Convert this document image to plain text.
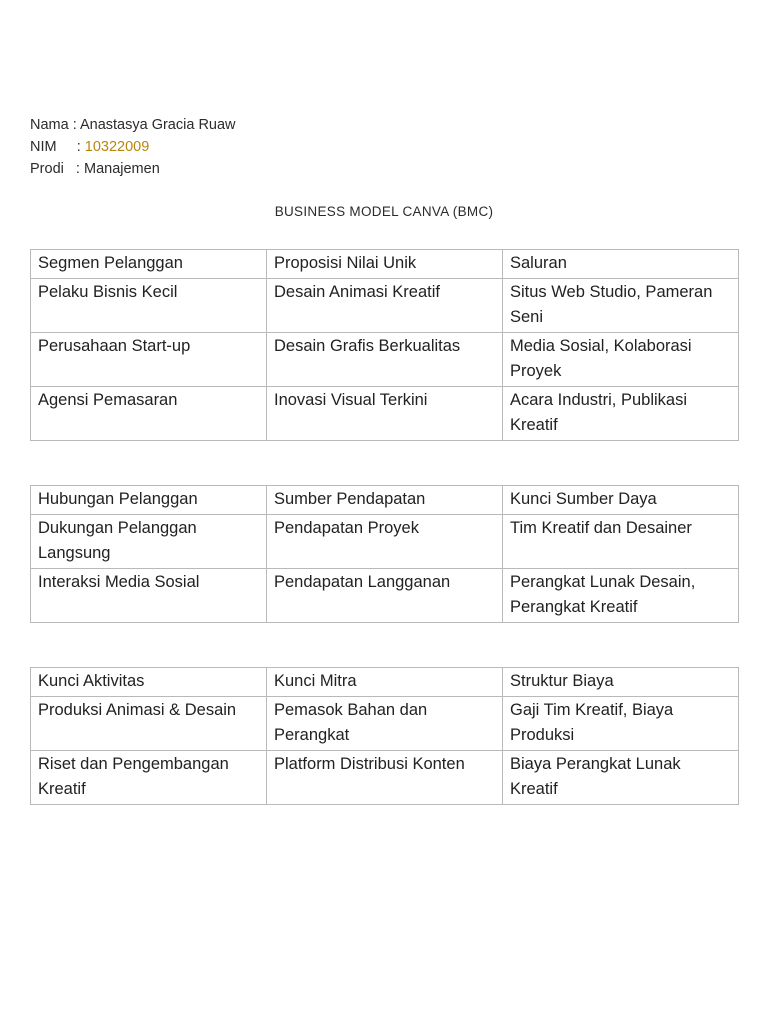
Nama : Anastasya Gracia Ruaw
NIM     : 10322009
Prodi   : Manajemen
BUSINESS MODEL CANVA (BMC)
Segmen Pelanggan	Proposisi Nilai Unik	Saluran
Pelaku Bisnis Kecil	Desain Animasi Kreatif	Situs Web Studio, Pameran Seni
Perusahaan Start-up	Desain Grafis Berkualitas	Media Sosial, Kolaborasi Proyek
Agensi Pemasaran	Inovasi Visual Terkini	Acara Industri, Publikasi Kreatif
Hubungan Pelanggan	Sumber Pendapatan	Kunci Sumber Daya
Dukungan Pelanggan Langsung	Pendapatan Proyek	Tim Kreatif dan Desainer
Interaksi Media Sosial	Pendapatan Langganan	Perangkat Lunak Desain, Perangkat Kreatif
Kunci Aktivitas	Kunci Mitra	Struktur Biaya
Produksi Animasi & Desain	Pemasok Bahan dan Perangkat	Gaji Tim Kreatif, Biaya Produksi
Riset dan Pengembangan Kreatif	Platform Distribusi Konten	Biaya Perangkat Lunak Kreatif
